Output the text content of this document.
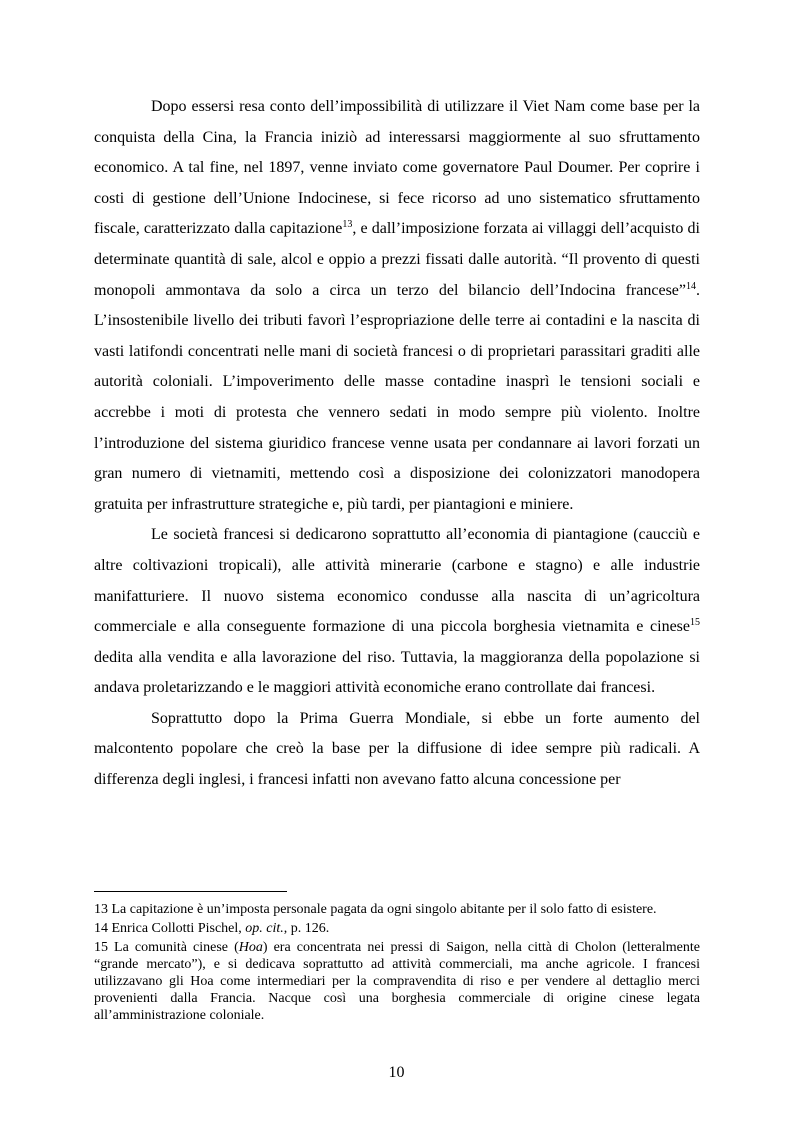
Dopo essersi resa conto dell’impossibilità di utilizzare il Viet Nam come base per la conquista della Cina, la Francia iniziò ad interessarsi maggiormente al suo sfruttamento economico. A tal fine, nel 1897, venne inviato come governatore Paul Doumer. Per coprire i costi di gestione dell’Unione Indocinese, si fece ricorso ad uno sistematico sfruttamento fiscale, caratterizzato dalla capitazione$^{13}$, e dall’imposizione forzata ai villaggi dell’acquisto di determinate quantità di sale, alcol e oppio a prezzi fissati dalle autorità. “Il provento di questi monopoli ammontava da solo a circa un terzo del bilancio dell’Indocina francese”$^{14}$. L’insostenibile livello dei tributi favorì l’espropriazione delle terre ai contadini e la nascita di vasti latifondi concentrati nelle mani di società francesi o di proprietari parassitari graditi alle autorità coloniali. L’impoverimento delle masse contadine inasprì le tensioni sociali e accrebbe i moti di protesta che vennero sedati in modo sempre più violento. Inoltre l’introduzione del sistema giuridico francese venne usata per condannare ai lavori forzati un gran numero di vietnamiti, mettendo così a disposizione dei colonizzatori manodopera gratuita per infrastrutture strategiche e, più tardi, per piantagioni e miniere.

Le società francesi si dedicarono soprattutto all’economia di piantagione (caucciù e altre coltivazioni tropicali), alle attività minerarie (carbone e stagno) e alle industrie manifatturiere. Il nuovo sistema economico condusse alla nascita di un’agricoltura commerciale e alla conseguente formazione di una piccola borghesia vietnamita e cinese$^{15}$ dedita alla vendita e alla lavorazione del riso. Tuttavia, la maggioranza della popolazione si andava proletarizzando e le maggiori attività economiche erano controllate dai francesi.

Soprattutto dopo la Prima Guerra Mondiale, si ebbe un forte aumento del malcontento popolare che creò la base per la diffusione di idee sempre più radicali. A differenza degli inglesi, i francesi infatti non avevano fatto alcuna concessione per

13 La capitazione è un’imposta personale pagata da ogni singolo abitante per il solo fatto di esistere.

14 Enrica Collotti Pischel, op. cit., p. 126.

15 La comunità cinese (Hoa) era concentrata nei pressi di Saigon, nella città di Cholon (letteralmente “grande mercato”), e si dedicava soprattutto ad attività commerciali, ma anche agricole. I francesi utilizzavano gli Hoa come intermediari per la compravendita di riso e per vendere al dettaglio merci provenienti dalla Francia. Nacque così una borghesia commerciale di origine cinese legata all’amministrazione coloniale.

10
